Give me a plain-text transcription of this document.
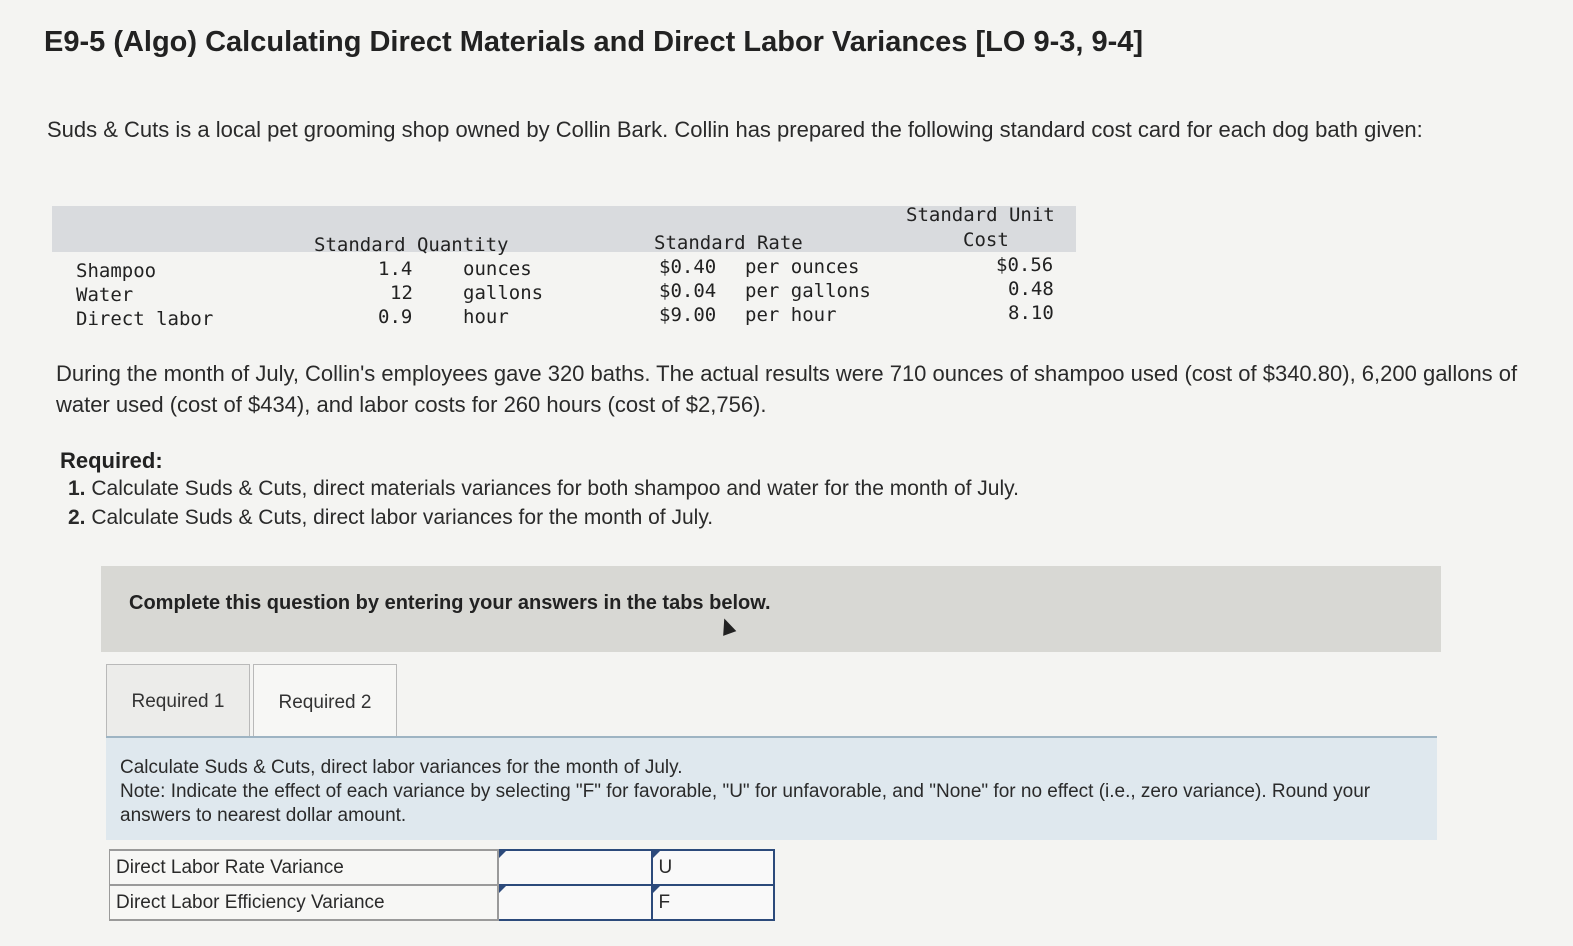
E9-5 (Algo) Calculating Direct Materials and Direct Labor Variances [LO 9-3, 9-4]
Suds & Cuts is a local pet grooming shop owned by Collin Bark. Collin has prepared the following standard cost card for each dog bath given:
Standard Quantity	Standard Rate
Standard Unit
Cost
Shampoo	1.4	ounces	$0.40 per ounces	$0.56
Water	12	gallons	$0.04 per gallons	0.48
Direct labor	0.9	hour	$9.00 per hour	8.10
During the month of July, Collin's employees gave 320 baths. The actual results were 710 ounces of shampoo used (cost of $340.80), 6,200 gallons of water used (cost of $434), and labor costs for 260 hours (cost of $2,756).
Required:
1. Calculate Suds & Cuts, direct materials variances for both shampoo and water for the month of July.
2. Calculate Suds & Cuts, direct labor variances for the month of July.
Complete this question by entering your answers in the tabs below.
Required 1	Required 2

Calculate Suds & Cuts, direct labor variances for the month of July.
Note: Indicate the effect of each variance by selecting "F" for favorable, "U" for unfavorable, and "None" for no effect (i.e., zero variance). Round your answers to nearest dollar amount.

Direct Labor Rate Variance		U

Direct Labor Efficiency Variance		F
